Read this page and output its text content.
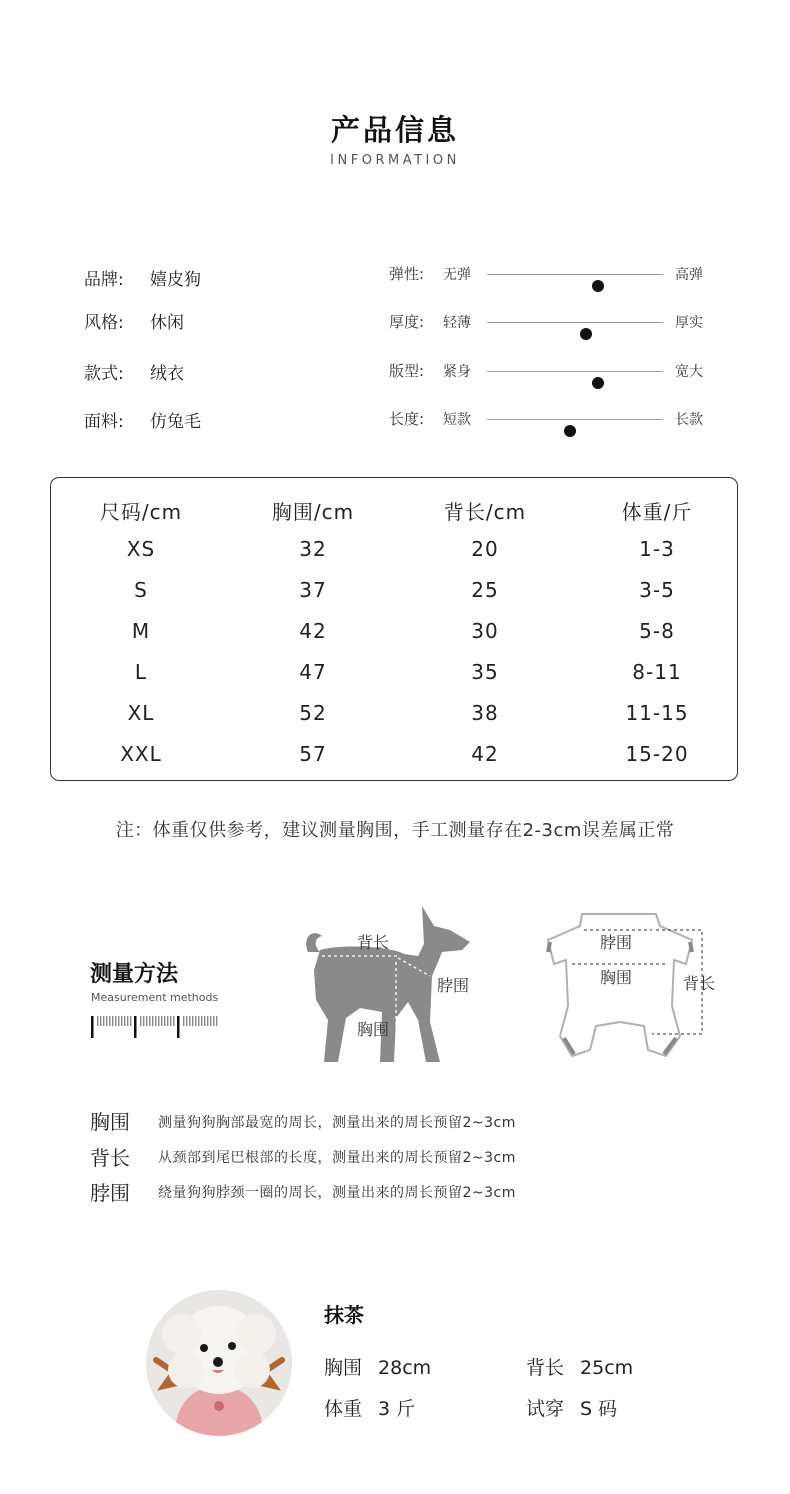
产品信息
INFORMATION
品牌: 嬉皮狗
风格: 休闲
款式: 绒衣
面料: 仿兔毛
弹性: 无弹	高弹
厚度: 轻薄	厚实
版型: 紧身	宽大
长度: 短款	长款
尺码/cm	胸围/cm	背长/cm	体重/斤
XS	32	20	1-3
S	37	25	3-5
M	42	30	5-8
L	47	35	8-11
XL	52	38	11-15
XXL	57	42	15-20
注：体重仅供参考，建议测量胸围，手工测量存在2-3cm误差属正常
测量方法
Measurement methods
背长
脖围
胸围
脖围
胸围	背长
胸围 测量狗狗胸部最宽的周长，测量出来的周长预留2~3cm
背长 从颈部到尾巴根部的长度，测量出来的周长预留2~3cm
脖围 绕量狗狗脖颈一圈的周长，测量出来的周长预留2~3cm
抹茶
胸围 28cm	背长 25cm
体重 3 斤	试穿 S 码
